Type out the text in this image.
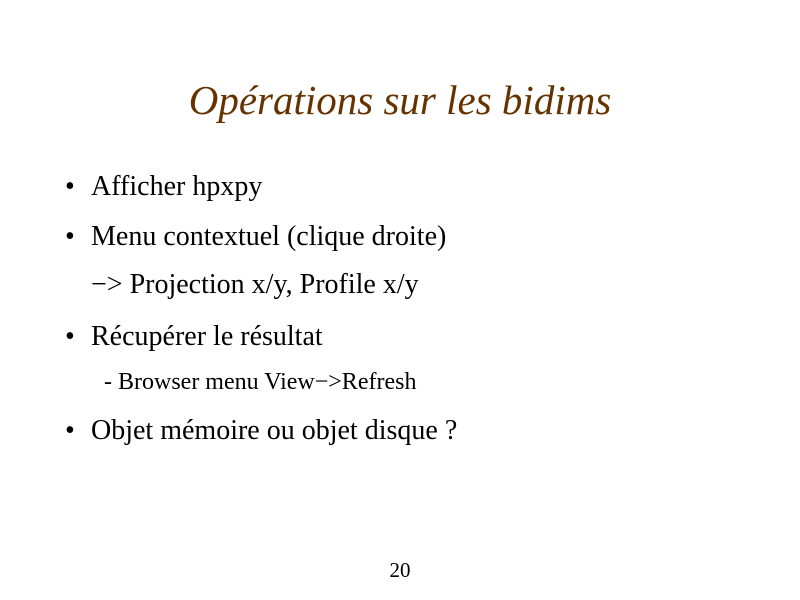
Opérations sur les bidims
• Afficher hpxpy
• Menu contextuel (clique droite)
−> Projection x/y, Profile x/y
• Récupérer le résultat
- Browser menu View−>Refresh
• Objet mémoire ou objet disque ?
20
